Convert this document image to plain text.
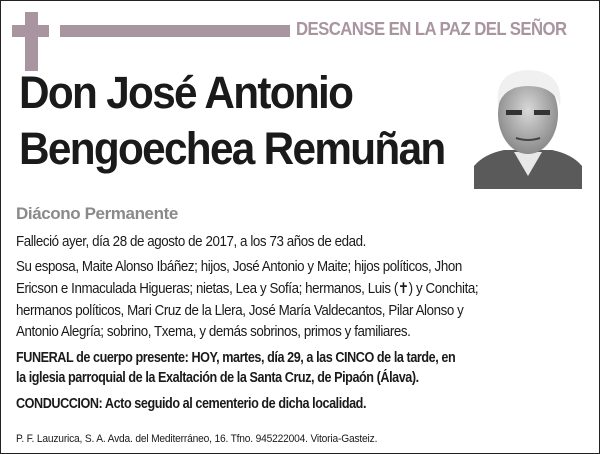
DESCANSE EN LA PAZ DEL SEÑOR
Don José Antonio
Bengoechea Remuñan
Diácono Permanente
Falleció ayer, día 28 de agosto de 2017, a los 73 años de edad.
Su esposa, Maite Alonso Ibáñez; hijos, José Antonio y Maite; hijos políticos, Jhon
Ericson e Inmaculada Higueras; nietas, Lea y Sofía; hermanos, Luis (✝) y Conchita;
hermanos políticos, Mari Cruz de la Llera, José María Valdecantos, Pilar Alonso y
Antonio Alegría; sobrino, Txema, y demás sobrinos, primos y familiares.
FUNERAL de cuerpo presente: HOY, martes, día 29, a las CINCO de la tarde, en
la iglesia parroquial de la Exaltación de la Santa Cruz, de Pipaón (Álava).
CONDUCCION: Acto seguido al cementerio de dicha localidad.
P. F. Lauzurica, S. A. Avda. del Mediterráneo, 16. Tfno. 945222004. Vitoria-Gasteiz.
